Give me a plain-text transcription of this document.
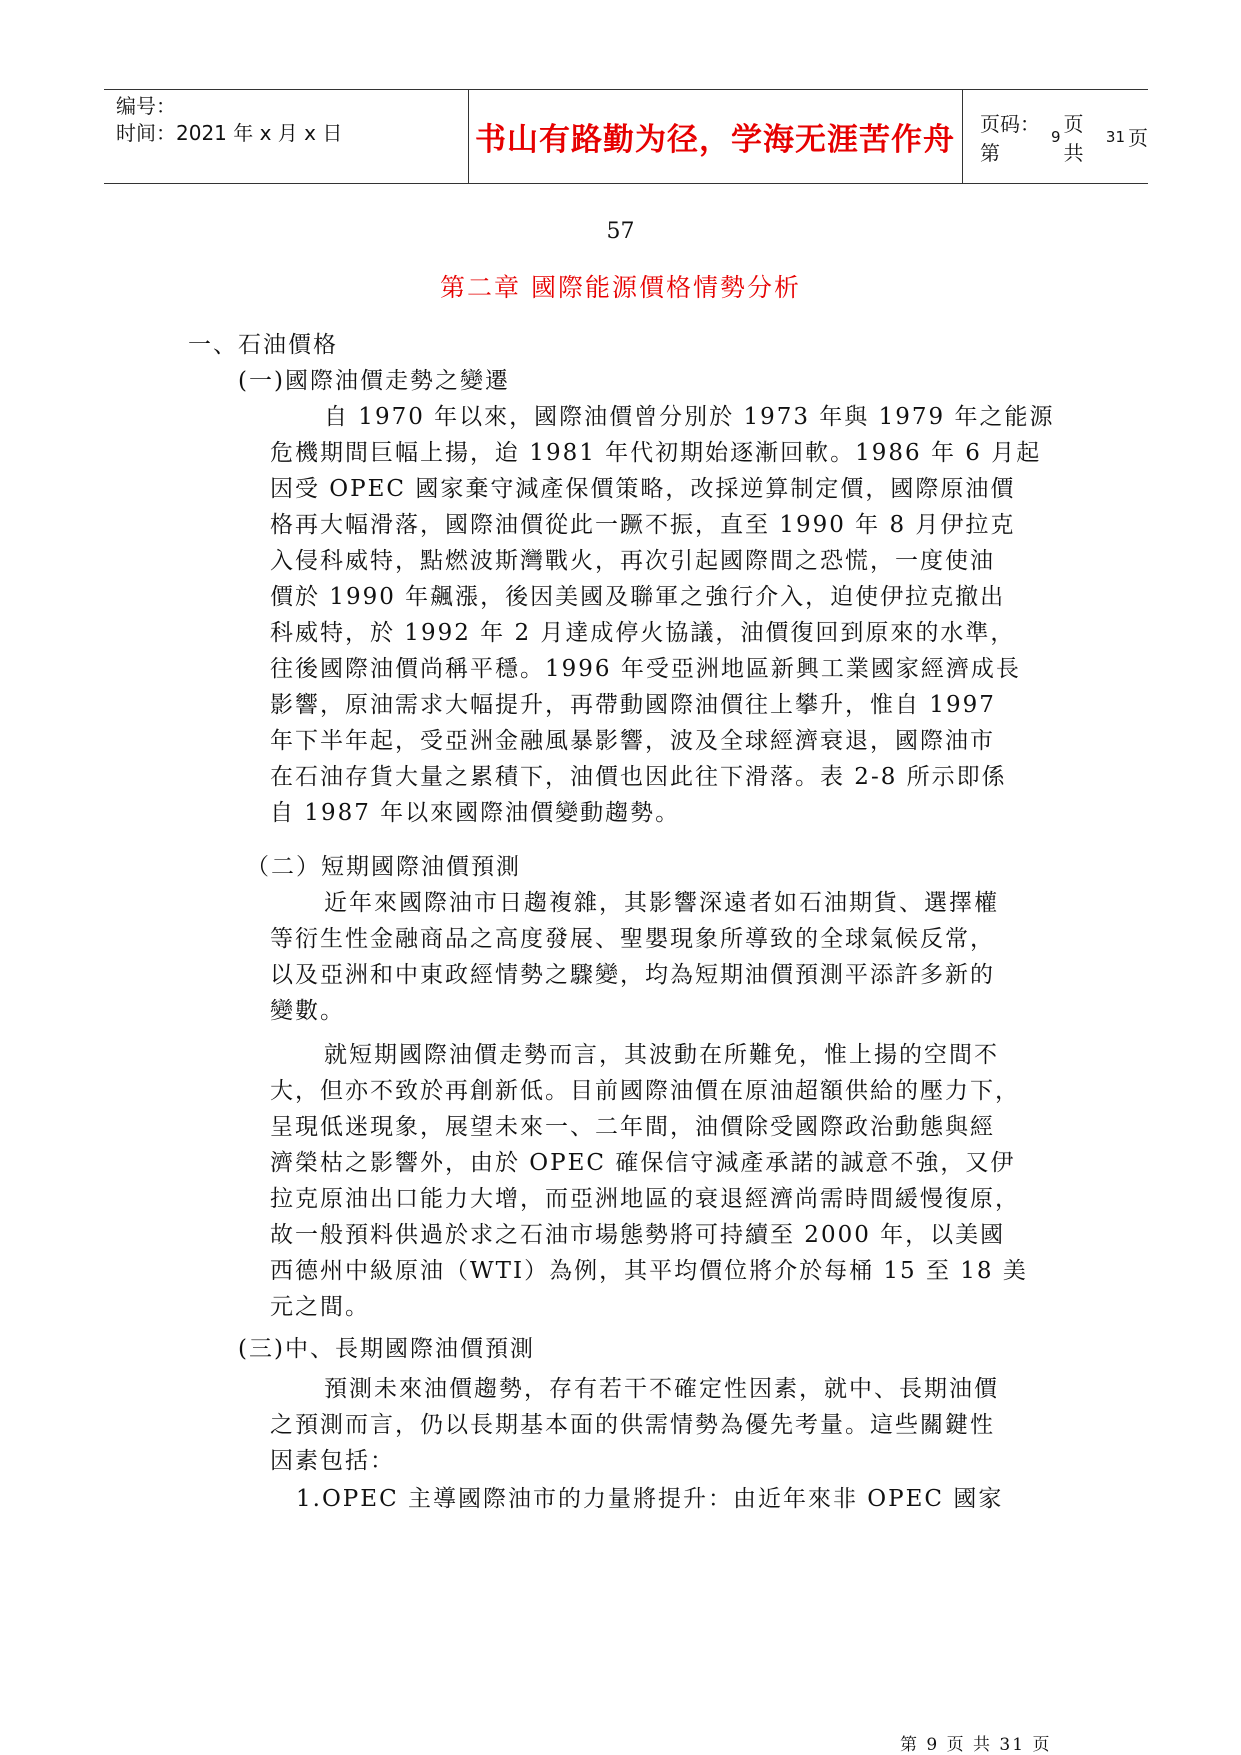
编号：
时间：2021 年 x 月 x 日	书山有路勤为径，学海无涯苦作舟 页码：第
9
页 共
31 页
57
第二章 國際能源價格情勢分析
一、石油價格
(一)國際油價走勢之變遷
自 1970 年以來，國際油價曾分別於 1973 年與 1979 年之能源
危機期間巨幅上揚，迨 1981 年代初期始逐漸回軟。1986 年 6 月起
因受 OPEC 國家棄守減產保價策略，改採逆算制定價，國際原油價
格再大幅滑落，國際油價從此一蹶不振，直至 1990 年 8 月伊拉克
入侵科威特，點燃波斯灣戰火，再次引起國際間之恐慌，一度使油
價於 1990 年飆漲，後因美國及聯軍之強行介入，迫使伊拉克撤出
科威特，於 1992 年 2 月達成停火協議，油價復回到原來的水準，
往後國際油價尚稱平穩。1996 年受亞洲地區新興工業國家經濟成長
影響，原油需求大幅提升，再帶動國際油價往上攀升，惟自 1997
年下半年起，受亞洲金融風暴影響，波及全球經濟衰退，國際油市
在石油存貨大量之累積下，油價也因此往下滑落。表 2-8 所示即係
自 1987 年以來國際油價變動趨勢。
（二）短期國際油價預測
近年來國際油市日趨複雜，其影響深遠者如石油期貨、選擇權
等衍生性金融商品之高度發展、聖嬰現象所導致的全球氣候反常，
以及亞洲和中東政經情勢之驟變，均為短期油價預測平添許多新的
變數。
就短期國際油價走勢而言，其波動在所難免，惟上揚的空間不
大，但亦不致於再創新低。目前國際油價在原油超額供給的壓力下，
呈現低迷現象，展望未來一、二年間，油價除受國際政治動態與經
濟榮枯之影響外，由於 OPEC 確保信守減產承諾的誠意不強，又伊
拉克原油出口能力大增，而亞洲地區的衰退經濟尚需時間緩慢復原，
故一般預料供過於求之石油市場態勢將可持續至 2000 年，以美國
西德州中級原油（WTI）為例，其平均價位將介於每桶 15 至 18 美
元之間。
(三)中、長期國際油價預測
預測未來油價趨勢，存有若干不確定性因素，就中、長期油價
之預測而言，仍以長期基本面的供需情勢為優先考量。這些關鍵性
因素包括：
1.OPEC 主導國際油市的力量將提升：由近年來非 OPEC 國家
第 9 页 共 31 页
